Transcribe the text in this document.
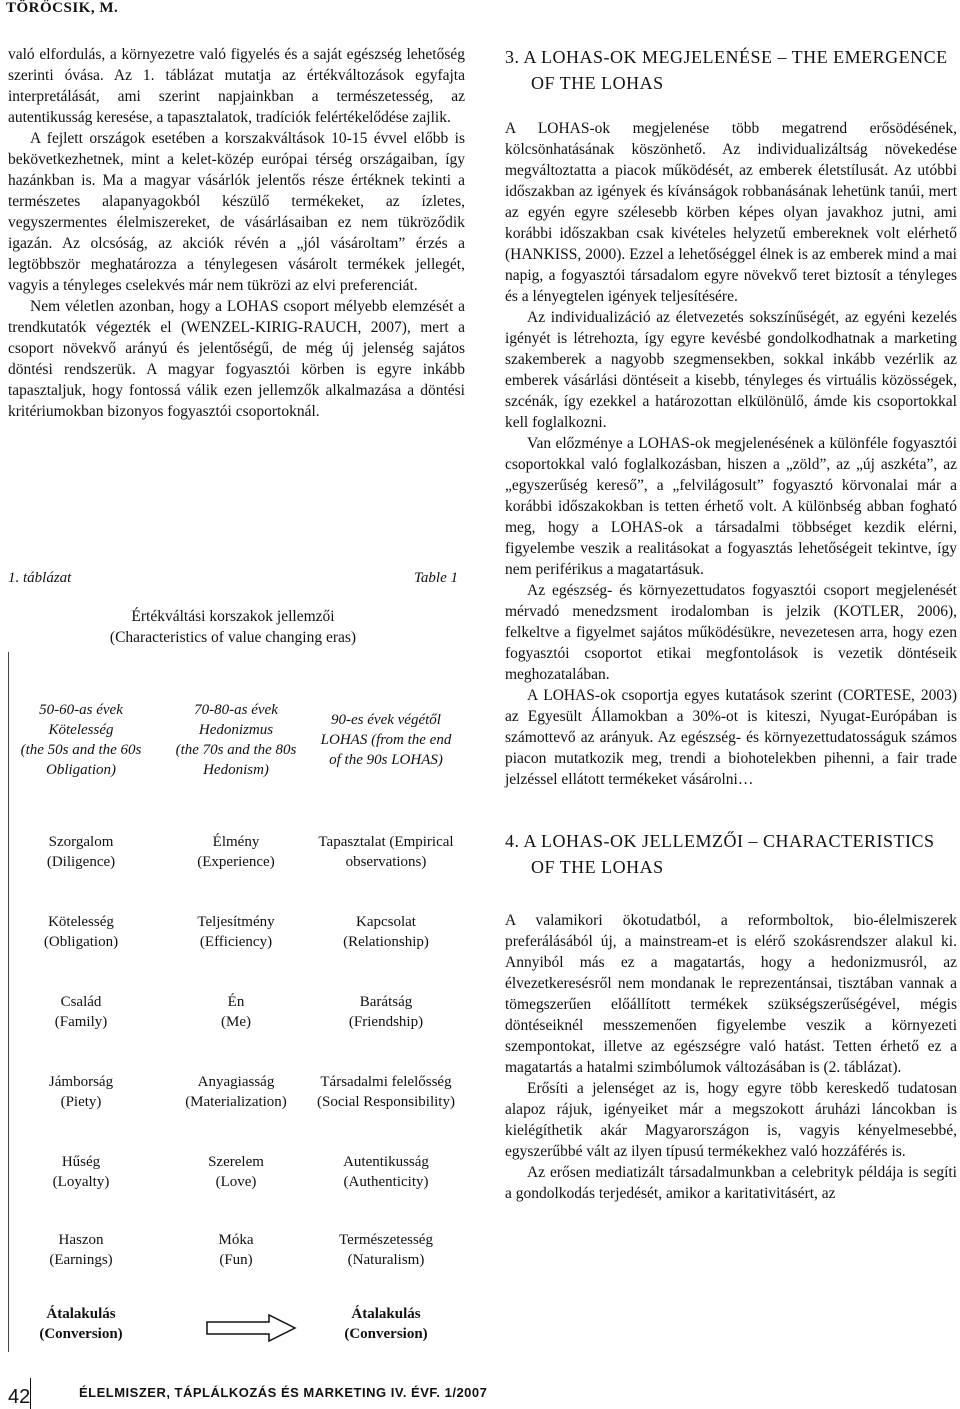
TÖRŐCSIK, M.

való elfordulás, a környezetre való figyelés és a saját egészség lehetőség szerinti óvása. Az 1. táblázat mutatja az értékváltozások egyfajta interpretálását, ami szerint napjainkban a természetesség, az autentikusság keresése, a tapasztalatok, tradíciók felértékelődése zajlik.

A fejlett országok esetében a korszakváltások 10-15 évvel előbb is bekövetkezhetnek, mint a kelet-közép európai térség országaiban, így hazánkban is. Ma a magyar vásárlók jelentős része értéknek tekinti a természetes alapanyagokból készülő termékeket, az ízletes, vegyszermentes élelmiszereket, de vásárlásaiban ez nem tükröződik igazán. Az olcsóság, az akciók révén a „jól vásároltam” érzés a legtöbbször meghatározza a ténylegesen vásárolt termékek jellegét, vagyis a tényleges cselekvés már nem tükrözi az elvi preferenciát.

Nem véletlen azonban, hogy a LOHAS csoport mélyebb elemzését a trendkutatók végezték el (WENZEL-KIRIG-RAUCH, 2007), mert a csoport növekvő arányú és jelentőségű, de még új jelenség sajátos döntési rendszerük. A magyar fogyasztói körben is egyre inkább tapasztaljuk, hogy fontossá válik ezen jellemzők alkalmazása a döntési kritériumokban bizonyos fogyasztói csoportoknál.

1. táblázat	Table 1
Értékváltási korszakok jellemzői
(Characteristics of value changing eras)
50-60-as évek
Kötelesség
(the 50s and the 60s
Obligation)
70-80-as évek
Hedonizmus
(the 70s and the 80s
Hedonism)
90-es évek végétől
LOHAS (from the end
of the 90s LOHAS)
Szorgalom
(Diligence)
Élmény
(Experience)
Tapasztalat (Empirical
observations)
Kötelesség
(Obligation)
Teljesítmény
(Efficiency)
Kapcsolat
(Relationship)
Család
(Family)
Én
(Me)
Barátság
(Friendship)
Jámborság
(Piety)
Anyagiasság
(Materialization)
Társadalmi felelősség
(Social Responsibility)
Hűség
(Loyalty)
Szerelem
(Love)
Autentikusság
(Authenticity)
Haszon
(Earnings)
Móka
(Fun)
Természetesség
(Naturalism)
Átalakulás
(Conversion)
Átalakulás
(Conversion)
3. A LOHAS-OK MEGJELENÉSE – THE EMERGENCE OF THE LOHAS

A LOHAS-ok megjelenése több megatrend erősödésének, kölcsönhatásának köszönhető. Az individualizáltság növekedése megváltoztatta a piacok működését, az emberek életstílusát. Az utóbbi időszakban az igények és kívánságok robbanásának lehetünk tanúi, mert az egyén egyre szélesebb körben képes olyan javakhoz jutni, ami korábbi időszakban csak kivételes helyzetű embereknek volt elérhető (HANKISS, 2000). Ezzel a lehetőséggel élnek is az emberek mind a mai napig, a fogyasztói társadalom egyre növekvő teret biztosít a tényleges és a lényegtelen igények teljesítésére.

Az individualizáció az életvezetés sokszínűségét, az egyéni kezelés igényét is létrehozta, így egyre kevésbé gondolkodhatnak a marketing szakemberek a nagyobb szegmensekben, sokkal inkább vezérlik az emberek vásárlási döntéseit a kisebb, tényleges és virtuális közösségek, szcénák, így ezekkel a határozottan elkülönülő, ámde kis csoportokkal kell foglalkozni.

Van előzménye a LOHAS-ok megjelenésének a különféle fogyasztói csoportokkal való foglalkozásban, hiszen a „zöld”, az „új aszkéta”, az „egyszerűség kereső”, a „felvilágosult” fogyasztó körvonalai már a korábbi időszakokban is tetten érhető volt. A különbség abban fogható meg, hogy a LOHAS-ok a társadalmi többséget kezdik elérni, figyelembe veszik a realitásokat a fogyasztás lehetőségeit tekintve, így nem periférikus a magatartásuk.

Az egészség- és környezettudatos fogyasztói csoport megjelenését mérvadó menedzsment irodalomban is jelzik (KOTLER, 2006), felkeltve a figyelmet sajátos működésükre, nevezetesen arra, hogy ezen fogyasztói csoportot etikai megfontolások is vezetik döntéseik meghozatalában.

A LOHAS-ok csoportja egyes kutatások szerint (CORTESE, 2003) az Egyesült Államokban a 30%-ot is kiteszi, Nyugat-Európában is számottevő az arányuk. Az egészség- és környezettudatosságuk számos piacon mutatkozik meg, trendi a biohotelekben pihenni, a fair trade jelzéssel ellátott termékeket vásárolni…

4. A LOHAS-OK JELLEMZŐI – CHARACTERISTICS OF THE LOHAS

A valamikori ökotudatból, a reformboltok, bio-élelmiszerek preferálásából új, a mainstream-et is elérő szokásrendszer alakul ki. Annyiból más ez a magatartás, hogy a hedonizmusról, az élvezetkeresésről nem mondanak le reprezentánsai, tisztában vannak a tömegszerűen előállított termékek szükségszerűségével, mégis döntéseiknél messzemenően figyelembe veszik a környezeti szempontokat, illetve az egészségre való hatást. Tetten érhető ez a magatartás a hatalmi szimbólumok változásában is (2. táblázat).

Erősíti a jelenséget az is, hogy egyre több kereskedő tudatosan alapoz rájuk, igényeiket már a megszokott áruházi láncokban is kielégíthetik akár Magyarországon is, vagyis kényelmesebbé, egyszerűbbé vált az ilyen típusú termékekhez való hozzáférés is.

Az erősen mediatizált társadalmunkban a celebrityk példája is segíti a gondolkodás terjedését, amikor a karitativitásért, az

42	ÉLELMISZER, TÁPLÁLKOZÁS ÉS MARKETING IV. ÉVF. 1/2007
